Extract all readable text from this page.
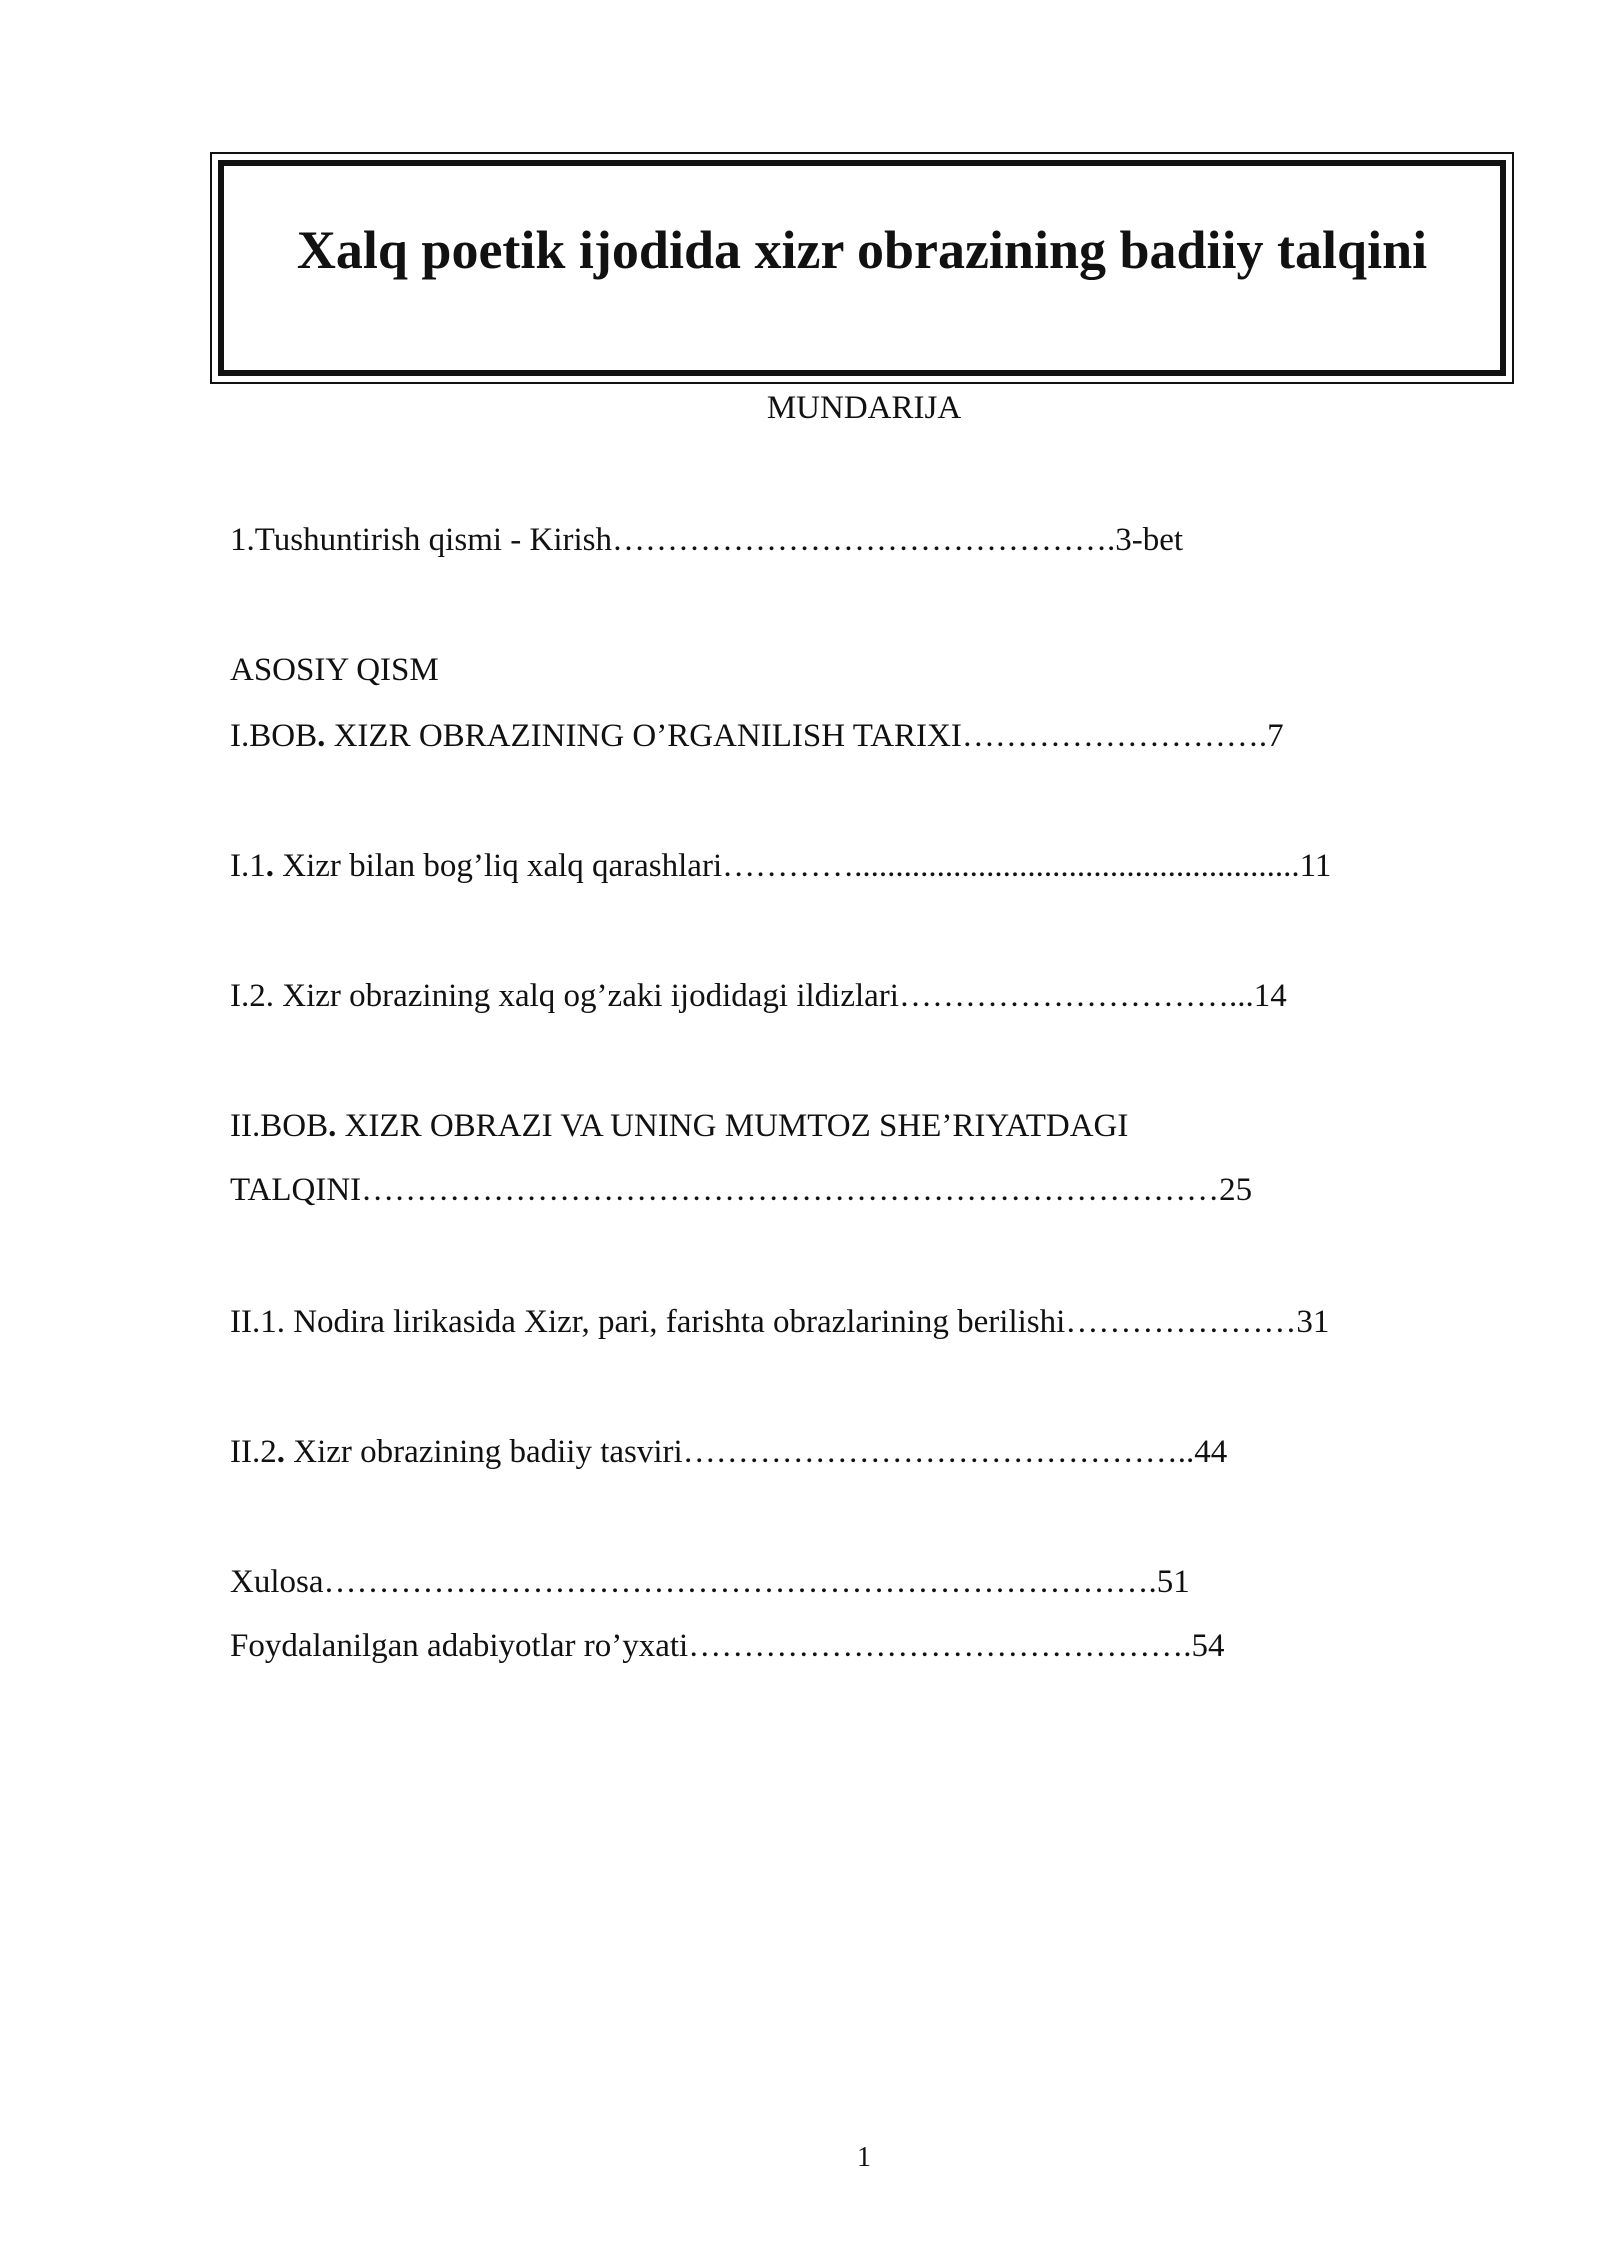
Xalq poetik ijodida xizr obrazining badiiy talqini
MUNDARIJA
1.Tushuntirish qismi - Kirish……………………………………….3-bet
ASOSIY QISM
I.BOB. XIZR OBRAZINING O’RGANILISH TARIXI……………………….7
I.1. Xizr bilan bog’liq xalq qarashlari…………......................................................11
I.2. Xizr obrazining xalq og’zaki ijodidagi ildizlari…………………………...14
II.BOB. XIZR OBRAZI VA UNING MUMTOZ SHE’RIYATDAGI
TALQINI……………………………………………………………………25
II.1. Nodira lirikasida Xizr, pari, farishta obrazlarining berilishi…………………31
II.2. Xizr obrazining badiiy tasviri………………………………………..44
Xulosa………………………………………………………………….51
Foydalanilgan adabiyotlar ro’yxati……………………………………….54
1
